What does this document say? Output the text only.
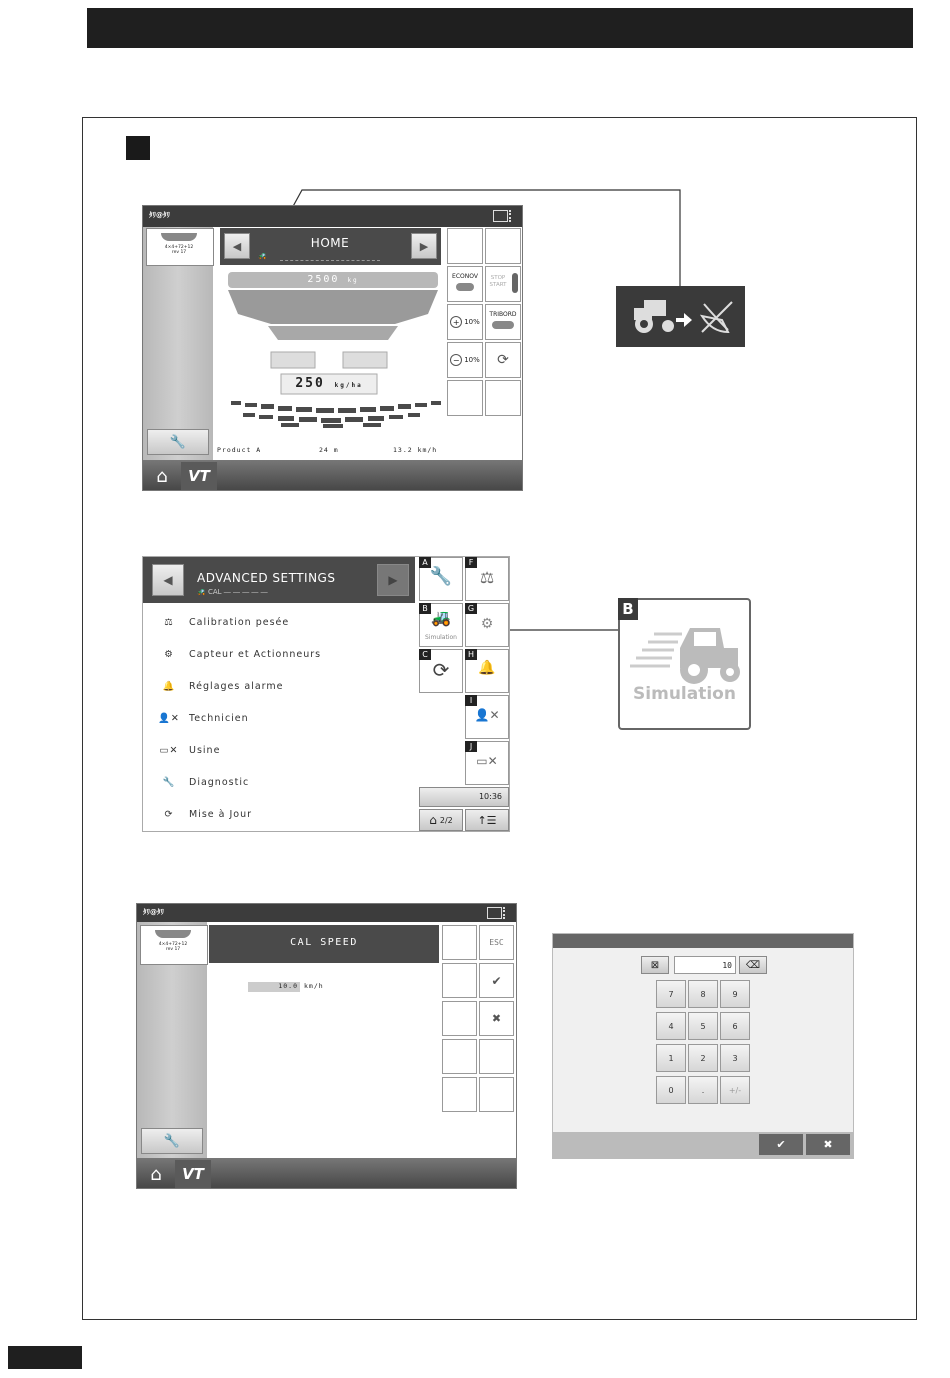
ﾀﾘ@ﾀﾘ
4×4+72+12
rev 17
🔧
◀	▶
HOME
🚜
2500 kg
250 kg/ha
Product A	24 m	13.2 km/h
ECONOV	STOP START
+ 10%
TRIBORD
− 10% ⟳
⌂	VT
◀	▶
ADVANCED SETTINGS
🚜 CAL ― ― ― ― ―
⚖	Calibration pesée
⚙	Capteur et Actionneurs
🔔	Réglages alarme
👤✕ Technicien
▭✕	Usine
🔧	Diagnostic
⟳	Mise à Jour
A
🔧
F
⚖
B 🚜
Simulation
G
⚙
C
⟳
H
🔔
I
👤✕
J
▭✕
10:36
⌂ 2/2 ↑☰
B
Simulation
ﾀﾘ@ﾀﾘ
4×4+72+12
rev 17
🔧
CAL SPEED
10.0 km/h
ESC
✔
✖
⌂	VT
⊠	10	⌫
7	8	9
4	5	6
1	2	3
0	.	+/-
✔	✖
